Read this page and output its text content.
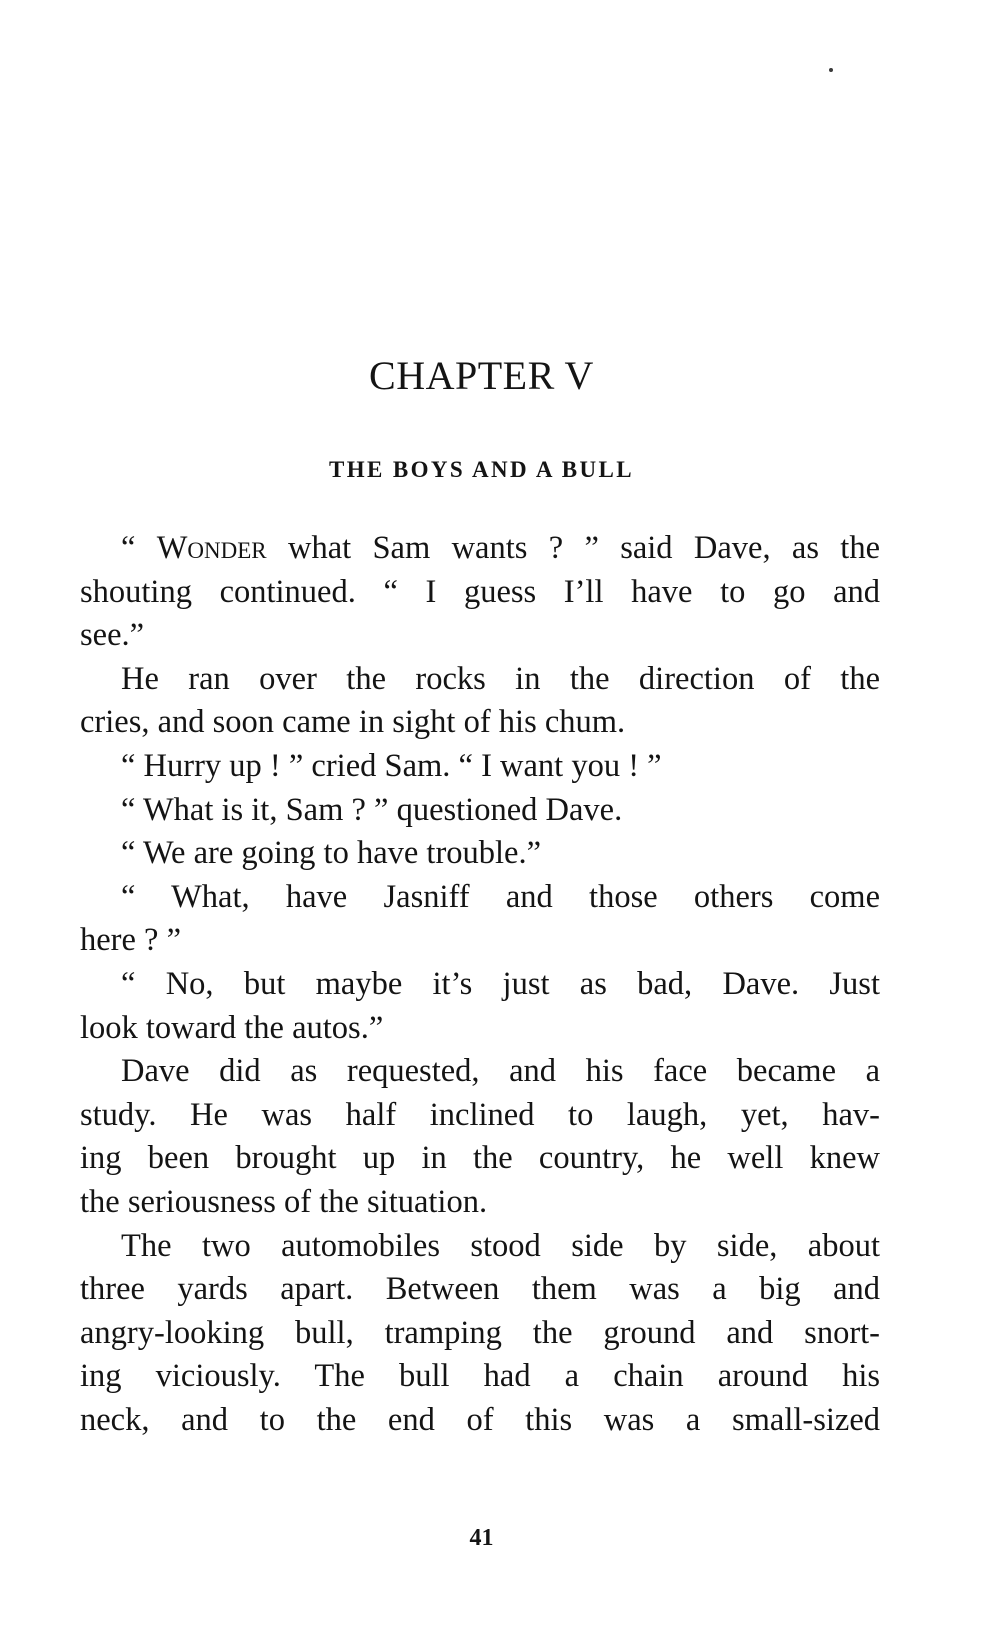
CHAPTER V
THE BOYS AND A BULL
“ Wonder what Sam wants ? ” said Dave, as the
shouting continued. “ I guess I’ll have to go and
see.”
He ran over the rocks in the direction of the
cries, and soon came in sight of his chum.
“ Hurry up ! ” cried Sam. “ I want you ! ”
“ What is it, Sam ? ” questioned Dave.
“ We are going to have trouble.”
“ What, have Jasniff and those others come
here ? ”
“ No, but maybe it’s just as bad, Dave. Just
look toward the autos.”
Dave did as requested, and his face became a
study. He was half inclined to laugh, yet, hav-
ing been brought up in the country, he well knew
the seriousness of the situation.
The two automobiles stood side by side, about
three yards apart. Between them was a big and
angry-looking bull, tramping the ground and snort-
ing viciously. The bull had a chain around his
neck, and to the end of this was a small-sized
41
